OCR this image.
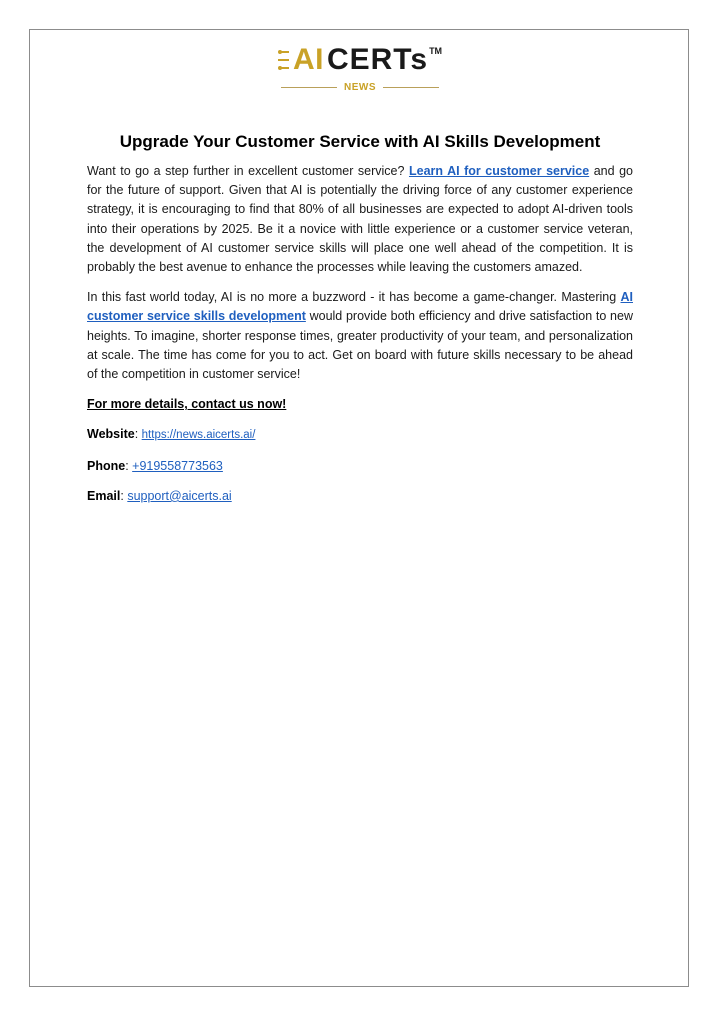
AI CERTs TM
NEWS
Upgrade Your Customer Service with AI Skills Development

Want to go a step further in excellent customer service? Learn AI for customer service and go for the future of support. Given that AI is potentially the driving force of any customer experience strategy, it is encouraging to find that 80% of all businesses are expected to adopt AI-driven tools into their operations by 2025. Be it a novice with little experience or a customer service veteran, the development of AI customer service skills will place one well ahead of the competition. It is probably the best avenue to enhance the processes while leaving the customers amazed.

In this fast world today, AI is no more a buzzword - it has become a game-changer. Mastering AI customer service skills development would provide both efficiency and drive satisfaction to new heights. To imagine, shorter response times, greater productivity of your team, and personalization at scale. The time has come for you to act. Get on board with future skills necessary to be ahead of the competition in customer service!

For more details, contact us now!

Website: https://news.aicerts.ai/

Phone: +919558773563

Email: support@aicerts.ai
